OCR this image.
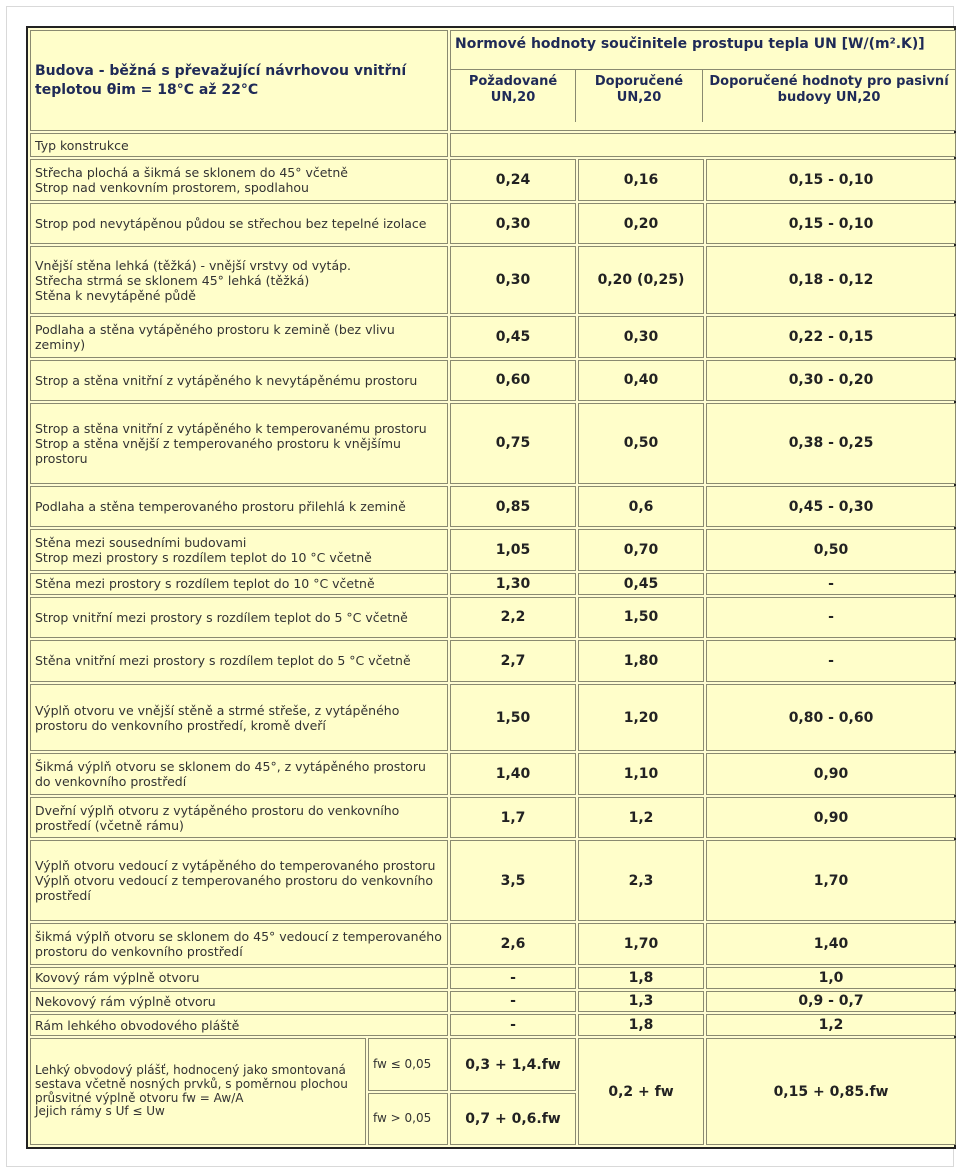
Budova - běžná s převažující návrhovou vnitřní teplotou θim = 18°C až 22°C		Normové hodnoty součinitele prostupu tepla UN [W/(m².K)]
Požadované UN,20
Doporučené UN,20
Doporučené hodnoty pro pasivní budovy UN,20		

Typ konstrukce				

Střecha plochá a šikmá se sklonem do 45° včetně
Strop nad venkovním prostorem, spodlahou		0,24	0,16	0,15 - 0,10

Strop pod nevytápěnou půdou se střechou bez tepelné izolace		0,30	0,20	0,15 - 0,10

Vnější stěna lehká (těžká) - vnější vrstvy od vytáp.
Střecha strmá se sklonem 45° lehká (těžká)
Stěna k nevytápěné půdě		0,30	0,20 (0,25)	0,18 - 0,12

Podlaha a stěna vytápěného prostoru k zemině (bez vlivu zeminy)		0,45	0,30	0,22 - 0,15

Strop a stěna vnitřní z vytápěného k nevytápěnému prostoru		0,60	0,40	0,30 - 0,20

Strop a stěna vnitřní z vytápěného k temperovanému prostoru
Strop a stěna vnější z temperovaného prostoru k vnějšímu prostoru		0,75	0,50	0,38 - 0,25

Podlaha a stěna temperovaného prostoru přilehlá k zemině		0,85	0,6	0,45 - 0,30

Stěna mezi sousedními budovami
Strop mezi prostory s rozdílem teplot do 10 °C včetně		1,05	0,70	0,50

Stěna mezi prostory s rozdílem teplot do 10 °C včetně		1,30	0,45	-

Strop vnitřní mezi prostory s rozdílem teplot do 5 °C včetně		2,2	1,50	-

Stěna vnitřní mezi prostory s rozdílem teplot do 5 °C včetně		2,7	1,80	-

Výplň otvoru ve vnější stěně a strmé střeše, z vytápěného prostoru do venkovního prostředí, kromě dveří		1,50	1,20	0,80 - 0,60

Šikmá výplň otvoru se sklonem do 45°, z vytápěného prostoru do venkovního prostředí		1,40	1,10	0,90

Dveřní výplň otvoru z vytápěného prostoru do venkovního prostředí (včetně rámu)		1,7	1,2	0,90

Výplň otvoru vedoucí z vytápěného do temperovaného prostoru
Výplň otvoru vedoucí z temperovaného prostoru do venkovního prostředí		3,5	2,3	1,70

šikmá výplň otvoru se sklonem do 45° vedoucí z temperovaného prostoru do venkovního prostředí		2,6	1,70	1,40

Kovový rám výplně otvoru		-	1,8	1,0

Nekovový rám výplně otvoru		-	1,3	0,9 - 0,7

Rám lehkého obvodového pláště		-	1,8	1,2

Lehký obvodový plášť, hodnocený jako smontovaná sestava včetně nosných prvků, s poměrnou plochou průsvitné výplně otvoru fw = Aw/A
Jejich rámy s Uf ≤ Uw	fw ≤ 0,05	0,3 + 1,4.fw	0,2 + fw	0,15 + 0,85.fw

	fw > 0,05	0,7 + 0,6.fw		
